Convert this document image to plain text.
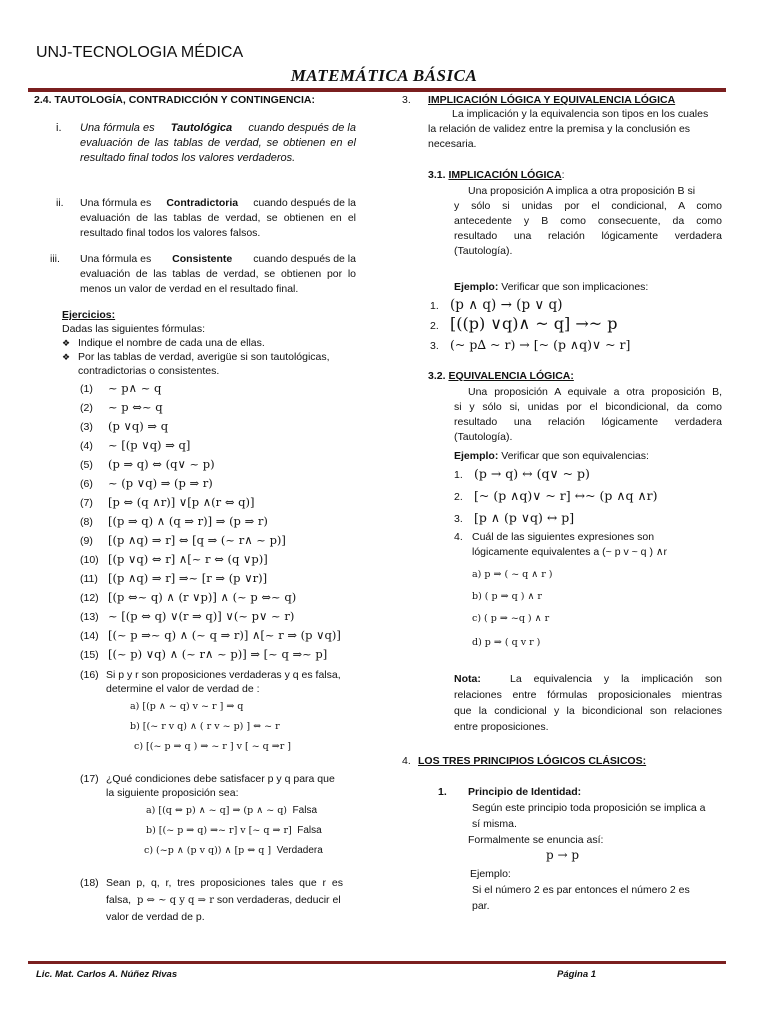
UNJ-TECNOLOGIA MÉDICA
MATEMÁTICA BÁSICA
2.4. TAUTOLOGÍA, CONTRADICCIÓN Y CONTINGENCIA:
i. Una fórmula es Tautológica cuando después de la
evaluación de las tablas de verdad, se obtienen en el
resultado final todos los valores verdaderos.
ii. Una fórmula es Contradictoria cuando después de la
evaluación de las tablas de verdad, se obtienen en el
resultado final todos los valores falsos.
iii. Una fórmula es Consistente cuando después de la
evaluación de las tablas de verdad, se obtienen por lo
menos un valor de verdad en el resultado final.
Ejercicios:
Dadas las siguientes fórmulas:
❖ Indique el nombre de cada una de ellas.
❖ Por las tablas de verdad, averigüe si son tautológicas,
contradictorias o consistentes.
(1) ~ p∧ ~ q
(2) ~ p ⇔~ q
(3) (p ∨q) ⇒ q
(4) ~ [(p ∨q) ⇒ q]
(5) (p ⇒ q) ⇔ (q∨ ~ p)
(6) ~ (p ∨q) ⇒ (p ⇒ r)
(7) [p ⇔ (q ∧r)] ∨[p ∧(r ⇔ q)]
(8) [(p ⇒ q) ∧ (q ⇒ r)] ⇒ (p ⇒ r)
(9) [(p ∧q) ⇒ r] ⇔ [q ⇒ (~ r∧ ~ p)]
(10) [(p ∨q) ⇔ r] ∧[~ r ⇔ (q ∨p)]
(11) [(p ∧q) ⇒ r] ⇒~ [r ⇒ (p ∨r)]
(12) [(p ⇔~ q) ∧ (r ∨p)] ∧ (~ p ⇔~ q)
(13) ~ [(p ⇔ q) ∨(r ⇒ q)] ∨(~ p∨ ~ r)
(14) [(~ p ⇒~ q) ∧ (~ q ⇒ r)] ∧[~ r ⇒ (p ∨q)]
(15) [(~ p) ∨q) ∧ (~ r∧ ~ p)] ⇒ [~ q ⇒~ p]
(16) Si p y r son proposiciones verdaderas y q es falsa,
determine el valor de verdad de :
a) [(p ∧ ~ q) v ~ r ] ⇒ q
b) [(~ r v q) ∧ ( r v ~ p) ] ⇔ ~ r
c) [(~ p ⇒ q ) ⇒ ~ r ] v [ ~ q ⇒r ]
(17) ¿Qué condiciones debe satisfacer p y q para que
la siguiente proposición sea:
a) [(q ⇔ p) ∧ ~ q] ⇒ (p ∧ ~ q) Falsa
b) [(~ p ⇒ q) ⇒~ r] v [~ q ⇒ r] Falsa
c) (~p ∧ (p v q)) ∧ [p ⇔ q ] Verdadera
(18) Sean  p,  q,  r,  tres  proposiciones  tales  que  r  es
falsa, p ⇔ ~ q y q ⇒ r son verdaderas, deducir el
valor de verdad de p.
3. IMPLICACIÓN LÓGICA Y EQUIVALENCIA LÓGICA
La implicación y la equivalencia son tipos en los cuales
la relación de validez entre la premisa y la conclusión es
necesaria.
3.1. IMPLICACIÓN LÓGICA:
Una proposición A implica a otra proposición B si
y sólo si unidas por el condicional, A como
antecedente y B como consecuente, da como
resultado una relación lógicamente verdadera
(Tautología).
Ejemplo: Verificar que son implicaciones:
1. (p ∧ q) → (p ∨ q)
2. [((p) ∨q)∧ ~ q] →~ p
3. (~ p∆ ~ r) → [~ (p ∧q)∨ ~ r]
3.2. EQUIVALENCIA LÓGICA:
Una proposición A equivale a otra proposición B,
si y sólo si, unidas por el bicondicional, da como
resultado una relación lógicamente verdadera
(Tautología).
Ejemplo: Verificar que son equivalencias:
1. (p → q) ↔ (q∨ ~ p)
2. [~ (p ∧q)∨ ~ r] ↔~ (p ∧q ∧r)
3. [p ∧ (p ∨q) ↔ p]
4. Cuál de las siguientes expresiones son
lógicamente equivalentes a (~ p v ~ q ) ∧r
a) p ⇒ ( ~ q ∧ r )
b) ( p ⇒ q ) ∧ r
c) ( p ⇒ ~q ) ∧ r
d) p ⇒ ( q v r )
Nota:	La equivalencia y la implicación son
relaciones entre fórmulas proposicionales mientras
que la condicional y la bicondicional son relaciones
entre proposiciones.
4. LOS TRES PRINCIPIOS LÓGICOS CLÁSICOS:
1. Principio de Identidad:
Según este principio toda proposición se implica a
sí misma.
Formalmente se enuncia así:
p → p
Ejemplo:
Si el número 2 es par entonces el número 2 es
par.
Lic. Mat. Carlos A. Núñez Rivas	Página 1
